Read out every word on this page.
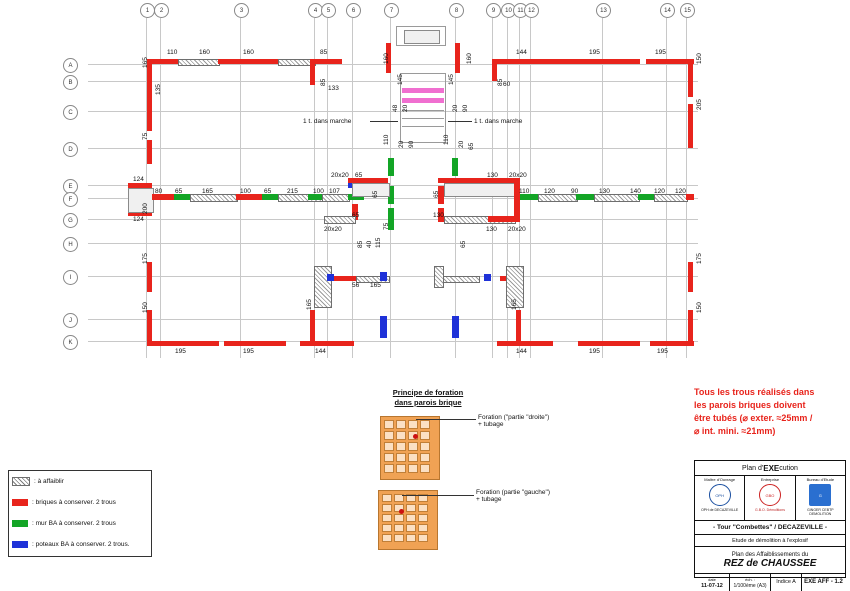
1 2	3	4 5	6	7	8	9 10 11 12	13	14 15
A
B
C
D
E
F
G
H
I
J
K
110	160	160	85	144	195	195
160	160
85
133
85 60
165
135
75
150
205
145	145
48 20	20 90
110 20 90	110 20 65
1 t. dans marche	1 t. dans marche
124
124
200
80 65	165	100 65 215 100 107
20x20 65
65
65
20x20
85 40 115
75
130 20x20
65	110 120 90	130	140 120 120
130
130 20x20
65
175	175
56 165
150	150
165	165
195	195	144	144	195	195
: à affaiblir
: briques à conserver. 2 trous
: mur BA à conserver. 2 trous
: poteaux BA à conserver. 2 trous.
Principe de foration
dans parois brique
Foration ("partie "droite")
+ tubage
Foration (partie "gauche")
+ tubage
Tous les trous réalisés dans
les parois briques doivent
être tubés (⌀ exter. ≈25mm /
⌀ int. mini. ≈21mm)
Plan d' EXE cution
Maître d'Ouvrage
OPH
OPH de DECAZEVILLE
Entreprise
GBO
G.B.O. Démolitions
Bureau d'Etude
G
GINGER CEBTP
DEMOLITION
- Tour "Combettes" / DECAZEVILLE -
Etude de démolition à l'explosif
Plan des Affaiblissements du
REZ de CHAUSSEE
date
11-07-12
éch. :
1/100ème (A3)
Indice A EXE AFF - 1.2
